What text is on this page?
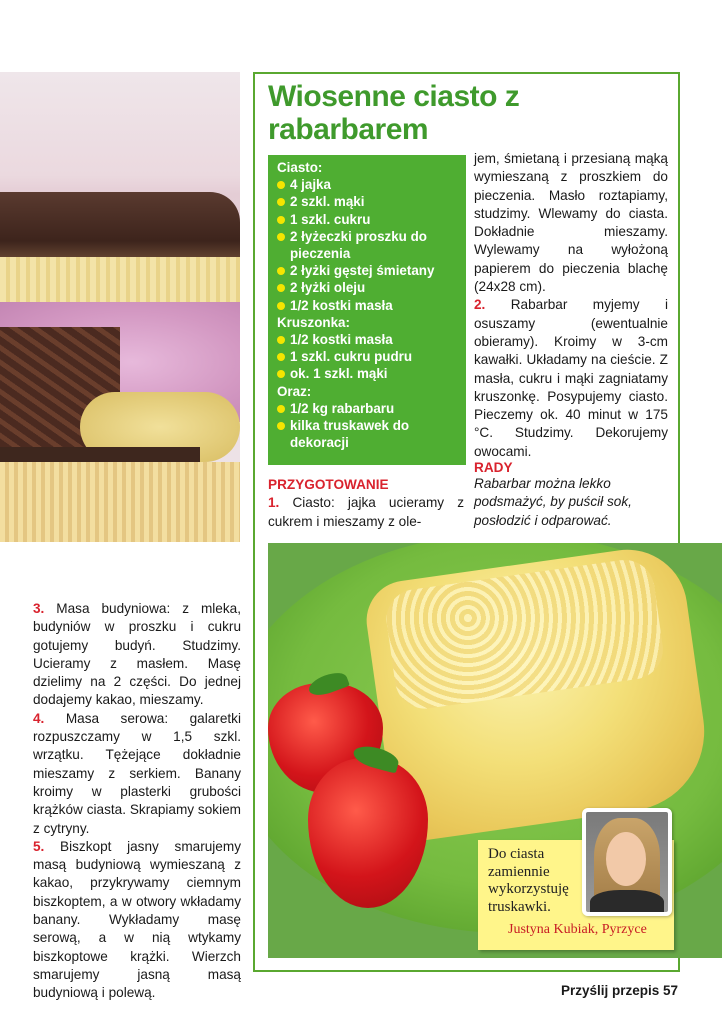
Wiosenne ciasto z rabarbarem
Ciasto:
4 jajka
2 szkl. mąki
1 szkl. cukru
2 łyżeczki proszku do pieczenia
2 łyżki gęstej śmietany
2 łyżki oleju
1/2 kostki masła
Kruszonka:
1/2 kostki masła
1 szkl. cukru pudru
ok. 1 szkl. mąki
Oraz:
1/2 kg rabarbaru
kilka truskawek do dekoracji
PRZYGOTOWANIE
1. Ciasto: jajka ucieramy z cukrem i mieszamy z ole-
jem, śmietaną i przesianą mąką wymieszaną z proszkiem do pieczenia. Masło roztapiamy, studzimy. Wlewamy do ciasta. Dokładnie mieszamy. Wylewamy na wyłożoną papierem do pieczenia blachę (24x28 cm).
2. Rabarbar myjemy i osuszamy (ewentualnie obieramy). Kroimy w 3-cm kawałki. Układamy na cieście. Z masła, cukru i mąki zagniatamy kruszonkę. Posypujemy ciasto. Pieczemy ok. 40 minut w 175 °C. Studzimy. Dekorujemy owocami.
RADY
Rabarbar można lekko podsmażyć, by puścił sok, posłodzić i odparować.

3. Masa budyniowa: z mleka, budyniów w proszku i cukru gotujemy budyń. Studzimy. Ucieramy z masłem. Masę dzielimy na 2 części. Do jednej dodajemy kakao, mieszamy.

4. Masa serowa: galaretki rozpuszczamy w 1,5 szkl. wrzątku. Tężejące dokładnie mieszamy z serkiem. Banany kroimy w plasterki grubości krążków ciasta. Skrapiamy sokiem z cytryny.

5. Biszkopt jasny smarujemy masą budyniową wymieszaną z kakao, przykrywamy ciemnym biszkoptem, a w otwory wkładamy banany. Wykładamy masę serową, a w nią wtykamy biszkoptowe krążki. Wierzch smarujemy jasną masą budyniową i polewą.

Do ciasta zamiennie wykorzystuję truskawki.
Justyna Kubiak, Pyrzyce
Przyślij przepis 57
